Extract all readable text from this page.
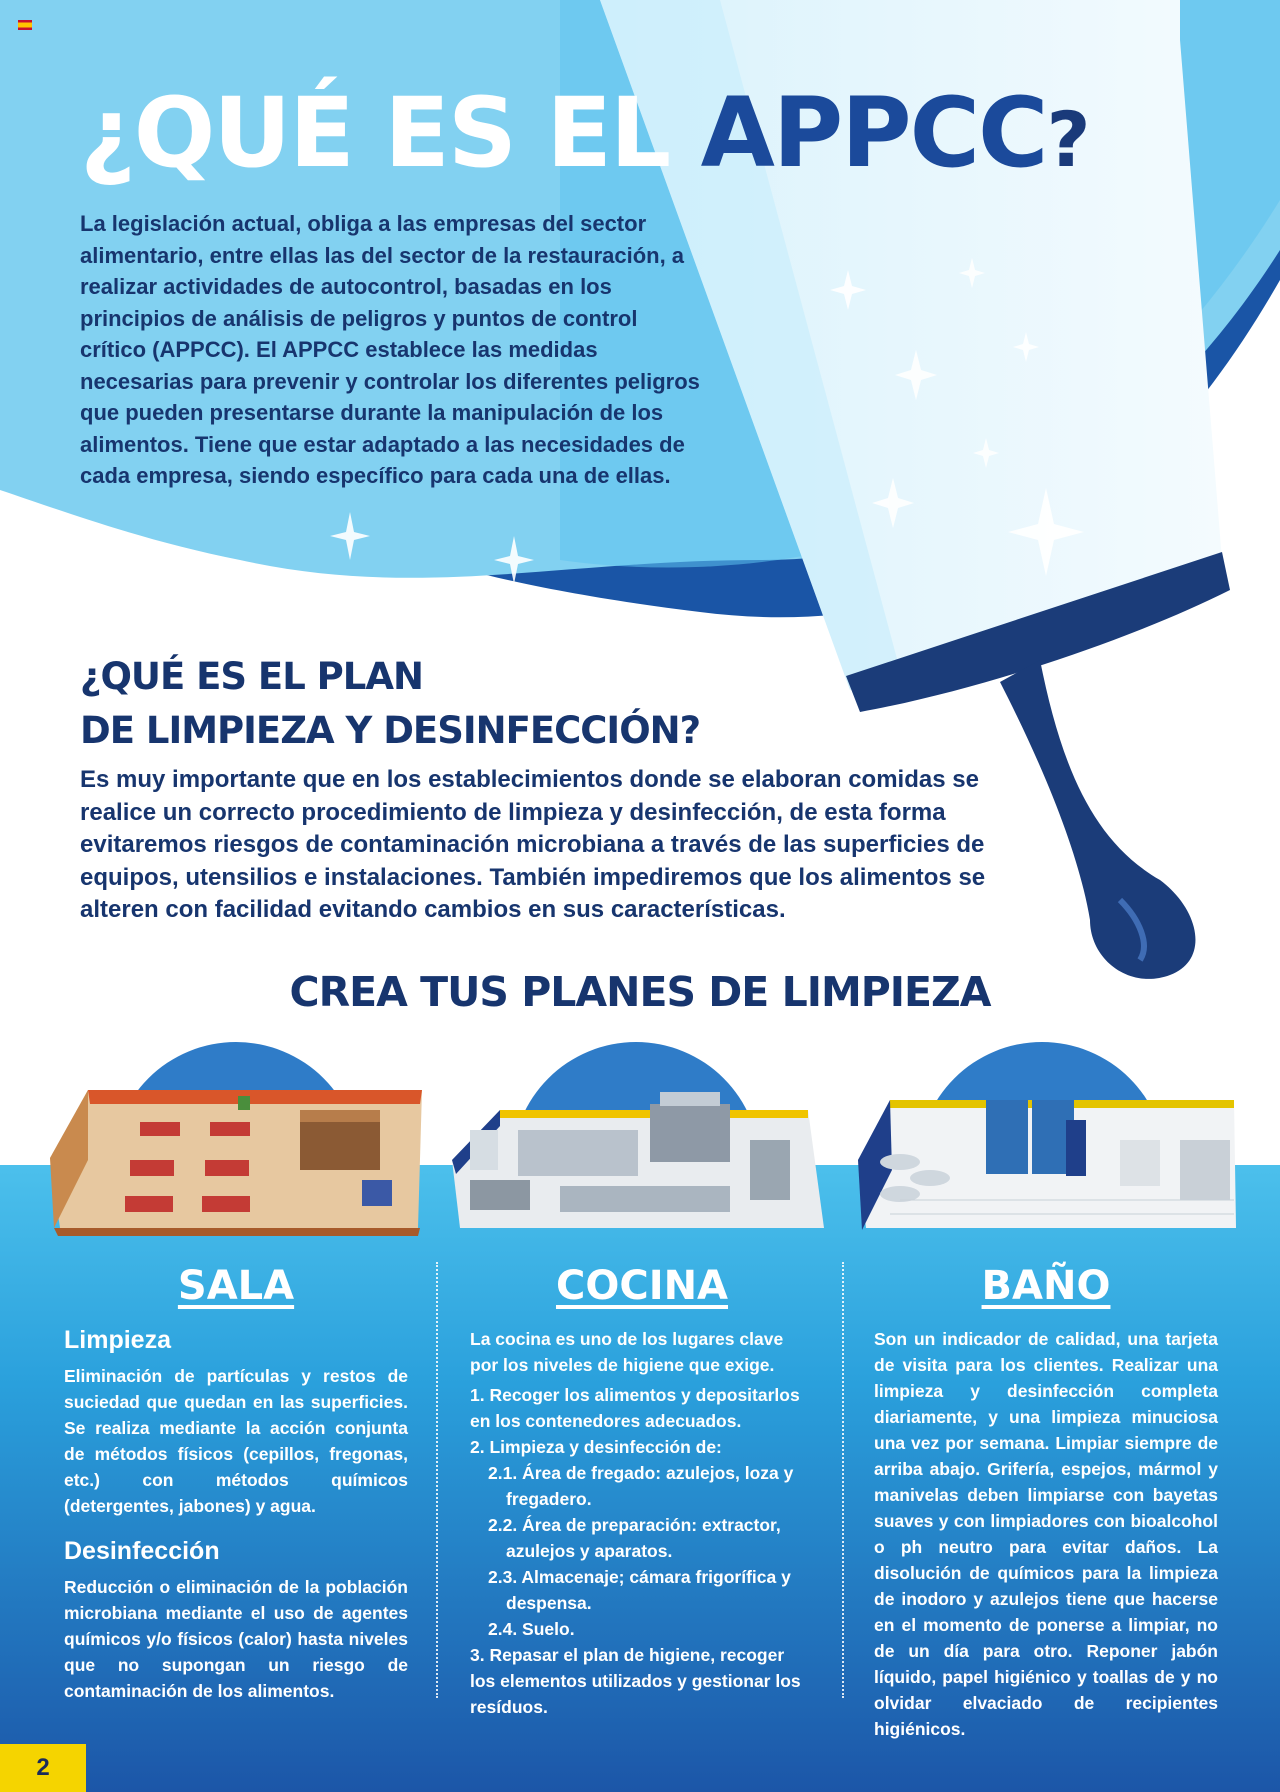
¿QUÉ ES EL APPCC?
La legislación actual, obliga a las empresas del sector alimentario, entre ellas las del sector de la restauración, a realizar actividades de autocontrol, basadas en los principios de análisis de peligros y puntos de control crítico (APPCC). El APPCC establece las medidas necesarias para prevenir y controlar los diferentes peligros que pueden presentarse durante la manipulación de los alimentos. Tiene que estar adaptado a las necesidades de cada empresa, siendo específico para cada una de ellas.
¿QUÉ ES EL PLAN
DE LIMPIEZA Y DESINFECCIÓN?
Es muy importante que en los establecimientos donde se elaboran comidas se realice un correcto procedimiento de limpieza y desinfección, de esta forma evitaremos riesgos de contaminación microbiana a través de las superficies de equipos, utensilios e instalaciones. También impediremos que los alimentos se alteren con facilidad evitando cambios en sus características.
CREA TUS PLANES DE LIMPIEZA
SALA
Limpieza

Eliminación de partículas y restos de suciedad que quedan en las superficies. Se realiza mediante la acción conjunta de métodos físicos (cepillos, fregonas, etc.) con métodos químicos (detergentes, jabones) y agua.

Desinfección

Reducción o eliminación de la población microbiana mediante el uso de agentes químicos y/o físicos (calor) hasta niveles que no supongan un riesgo de contaminación de los alimentos.

COCINA

La cocina es uno de los lugares clave por los niveles de higiene que exige.

1. Recoger los alimentos y depositarlos en los contenedores adecuados.
2. Limpieza y desinfección de:
2.1. Área de fregado: azulejos, loza y fregadero.
2.2. Área de preparación: extractor, azulejos y aparatos.
2.3. Almacenaje; cámara frigorífica y despensa.
2.4. Suelo.
3. Repasar el plan de higiene, recoger los elementos utilizados y gestionar los resíduos.
BAÑO

Son un indicador de calidad, una tarjeta de visita para los clientes. Realizar una limpieza y desinfección completa diariamente, y una limpieza minuciosa una vez por semana. Limpiar siempre de arriba abajo. Grifería, espejos, mármol y manivelas deben limpiarse con bayetas suaves y con limpiadores con bioalcohol o ph neutro para evitar daños. La disolución de químicos para la limpieza de inodoro y azulejos tiene que hacerse en el momento de ponerse a limpiar, no de un día para otro. Reponer jabón líquido, papel higiénico y toallas de y no olvidar elvaciado de recipientes higiénicos.

2
